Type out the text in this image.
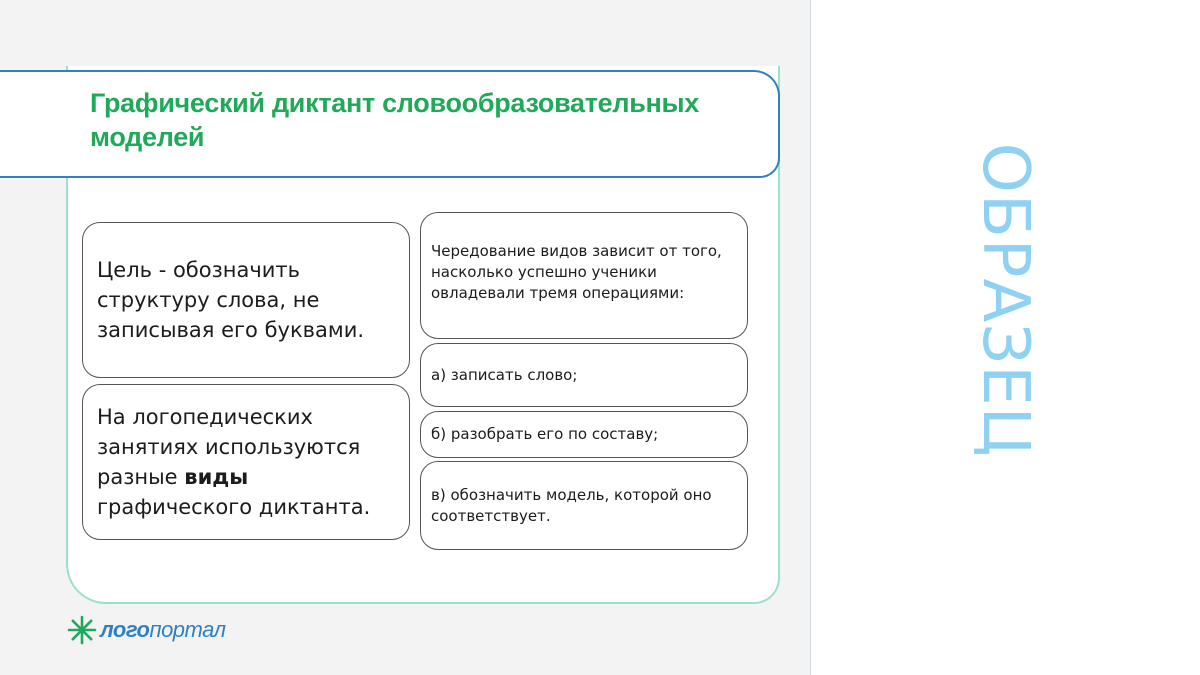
Графический диктант словообразовательных моделей
Цель - обозначить структуру слова, не записывая его буквами.
На логопедических занятиях используются разные виды графического диктанта.
Чередование видов зависит от того, насколько успешно ученики овладевали тремя операциями:
а) записать слово;
б) разобрать его по составу;
в) обозначить модель, которой оно соответствует.
логопортал
ОБРАЗЕЦ
